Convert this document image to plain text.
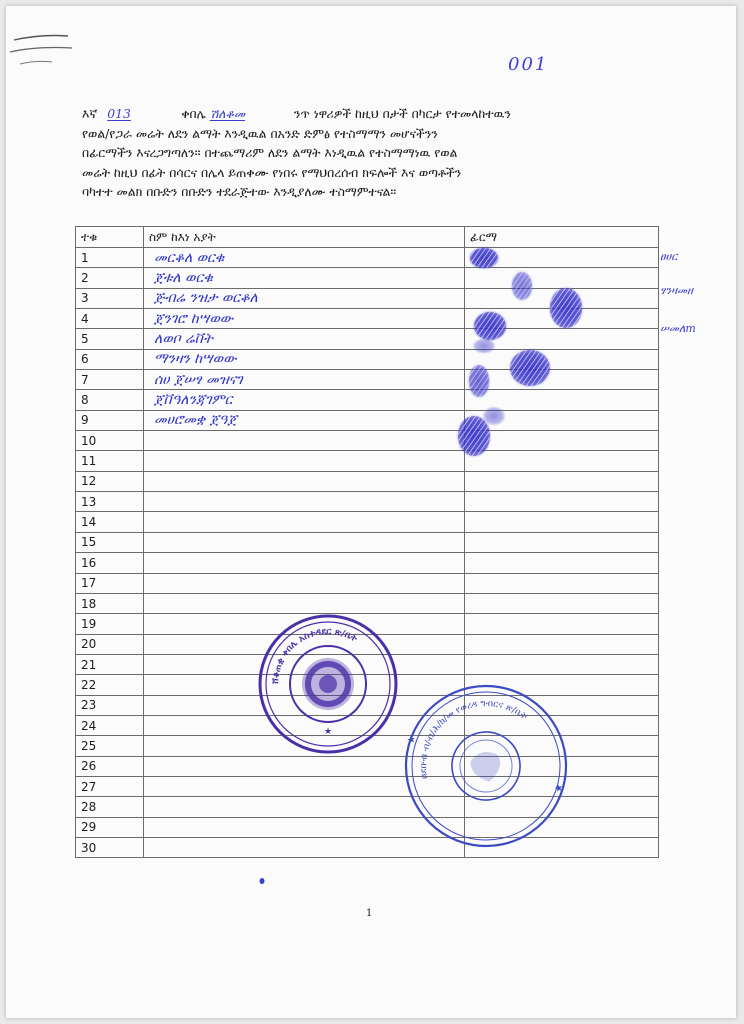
001

እኛ 013	ቀበሌ ሽለቆመ	ንጥ ነዋሪዎች ከዚህ በታች በካርታ የተመላከተዉን

የወል/የጋራ መሬት ለደን ልማት እንዲዉል በአንድ ድምፅ የተስማማን መሆናችንን

በፊርማችን እናረጋግጣለን፡፡ በተጨማሪም ለደን ልማት እነዲዉል የተስማማነዉ የወል

መሬት ከዚህ በፊት በሳርና በሌላ ይጠቀሙ የነበሩ የማህበረሰብ ክፍሎች እና ወጣቶችን

ባካተተ መልክ በቡድን በቡድን ተደራጅተው እንዲያለሙ ተስማምተናል፡፡

ተቁ	ስም ከእነ አያት	ፊርማ
1	መርቆለ ወርቁ	
2	ጀቱለ ወርቁ	
3	ጅብሬ ንዝታ ወርቆለ	
4	ጀንገሮ ከሣወው	
5	ለወቦ ሬቨት	
6	ማንዛን ከሣወው	
7	ሰሀ ጀሠፃ መዝናገ	
8	ጀቨዓለንጃገምር	
9	መሀሮመቋ ጀዓጀ	
10		
11		
12		
13		
14		
15		
16		
17		
18		
19		
20		
21		
22		
23		
24		
25		
26		
27		
28		
29		
30		
ሸቆጠቋ ቀበሌ አስተዳደር ጽ/ቤት
★
በደቡብ ብ/ብ/ሕ/ክ/መ የወረዳ ግብርና ጽ/ቤት
★
★
ፀሀር
ፃንዛመዘ
ሠመለm
1
